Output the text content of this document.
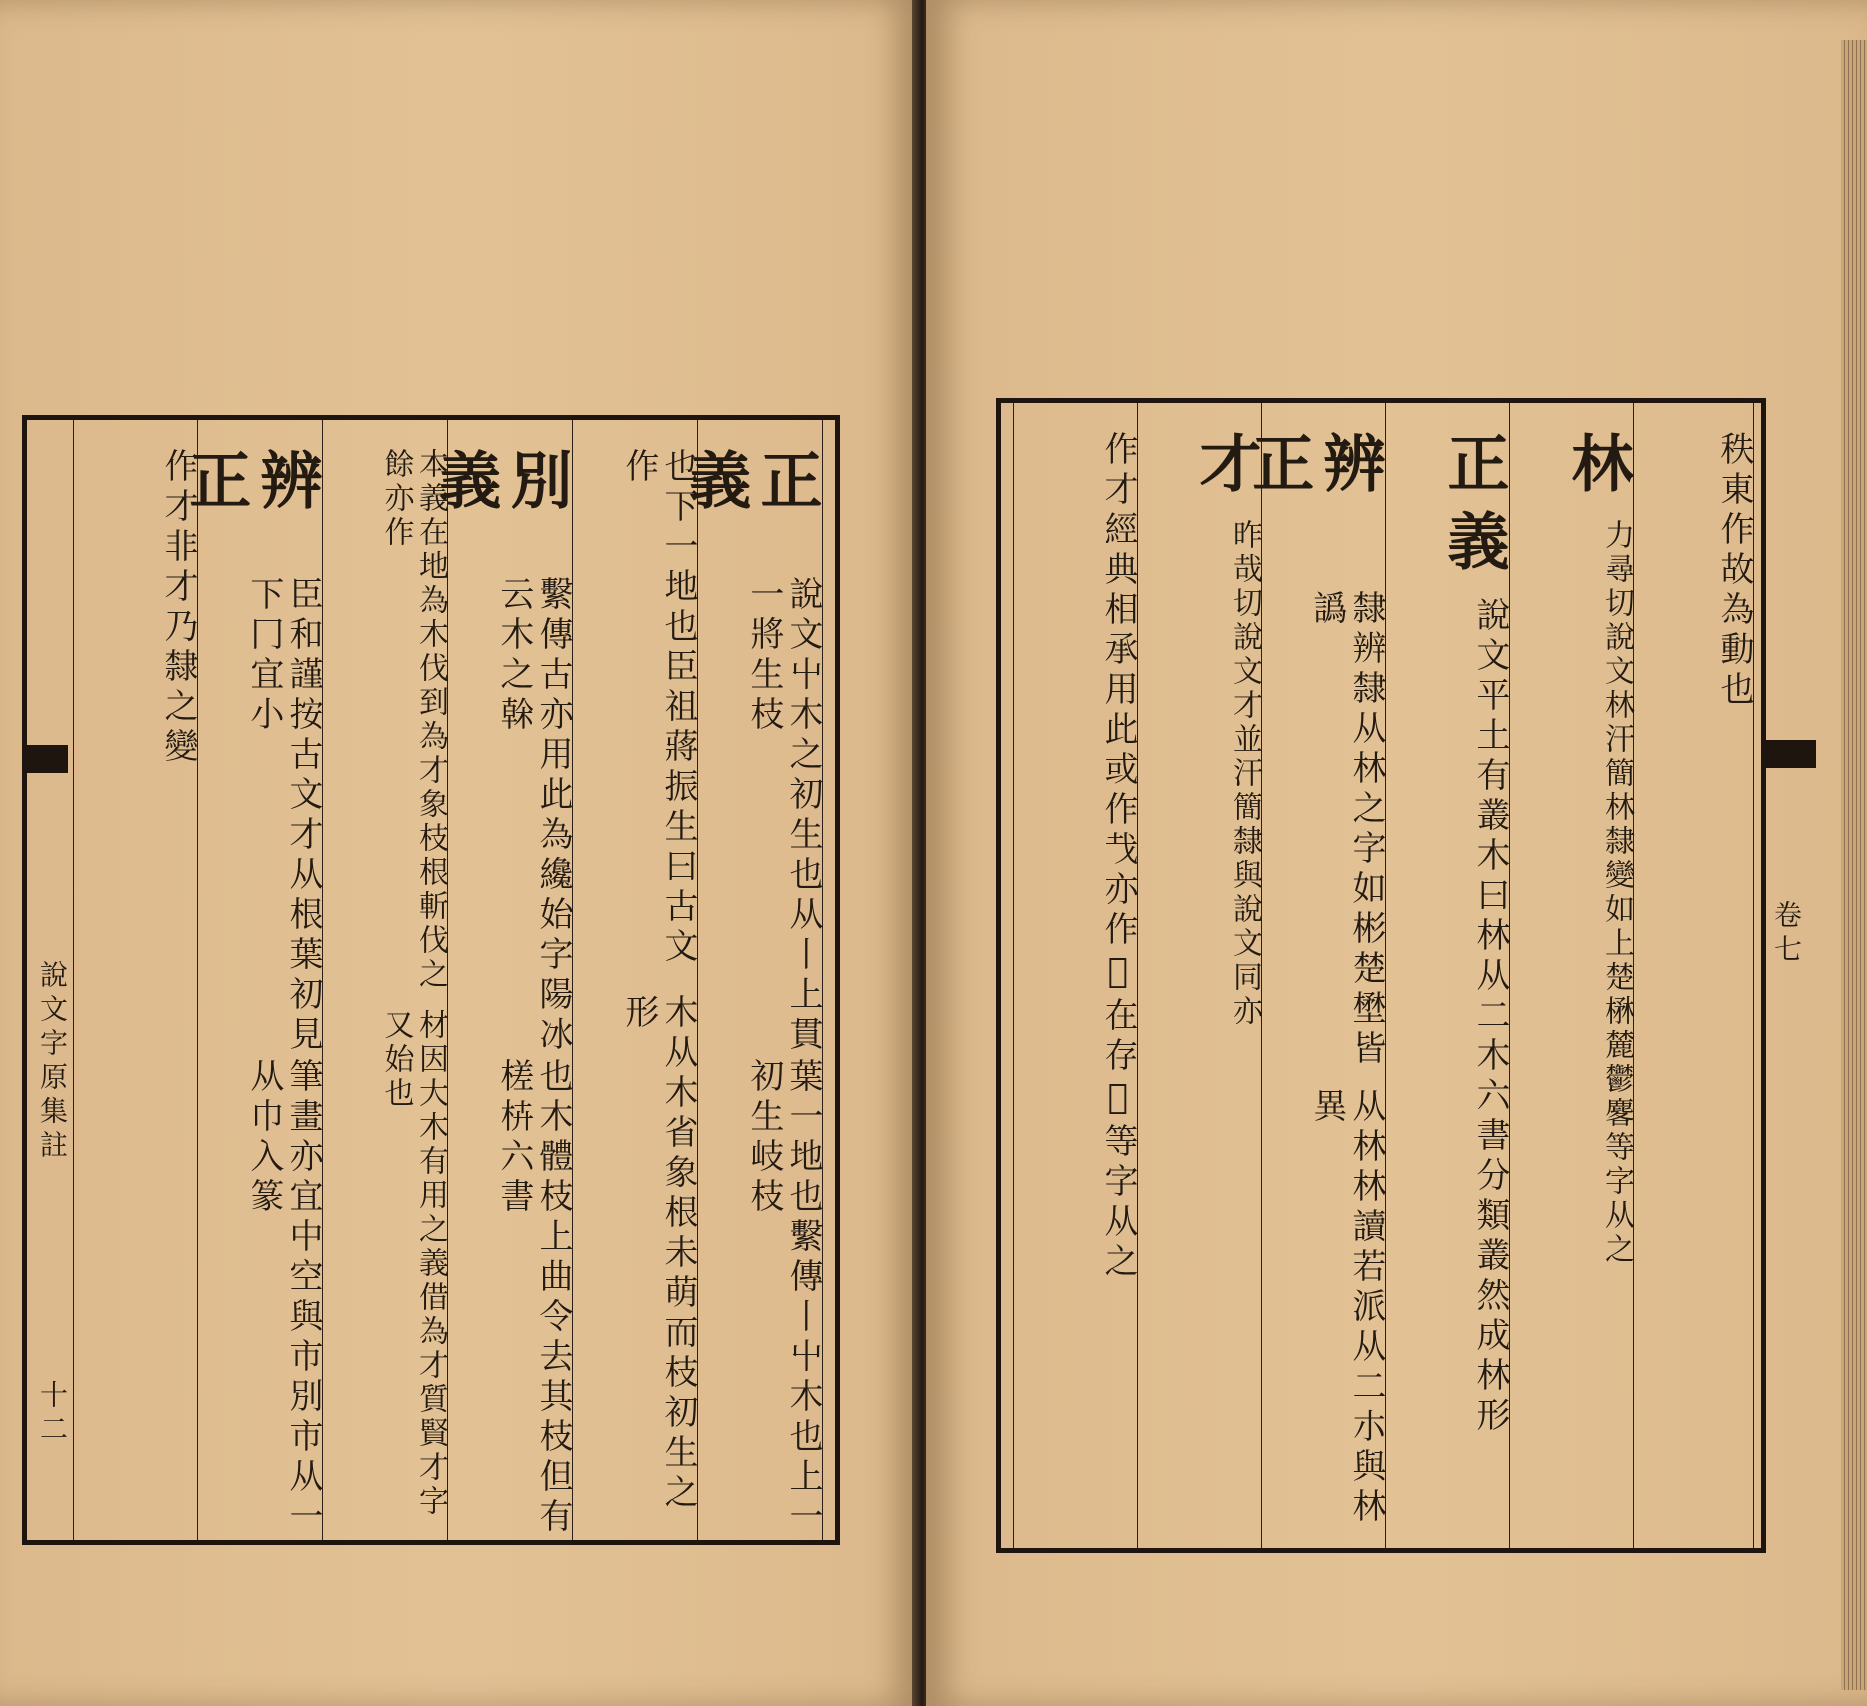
說文字原集註
十二
正義
說文屮木之初生也从丨上貫一將生枝
葉一地也繫傳丨屮木也上一初生岐枝
也下一地也臣祖蔣振生曰古文作
木从木省象根未萌而枝初生之形
別義
繫傳古亦用此為纔始字陽冰云木之榦
也木體枝上曲令去其枝但有槎枿六書
本義在地為木伐到為才象枝根斬伐之餘亦作
材因大木有用之義借為才質賢才字又始也
辨正
臣和謹按古文才从根葉初見下冂宜小
筆畫亦宜中空與市別市从一从巾入篆
作才非才
乃隸之變
卷七
秩東作故
為動也
林
力尋切
說文林
汗簡林
隸變如上楚楙
麓鬱𪊲等字从之
正義
說文平土有叢木曰林从二
木六書分類叢然成林形
辨正
隸辨隸从林之字如彬楚壄皆譌
从林林讀若派从二朩與林異
才
昨哉切
說文才
並汗簡
隸與說文同亦
作才經典相承用此或作𢦏
亦作𠂦在存𢦔等字从之
